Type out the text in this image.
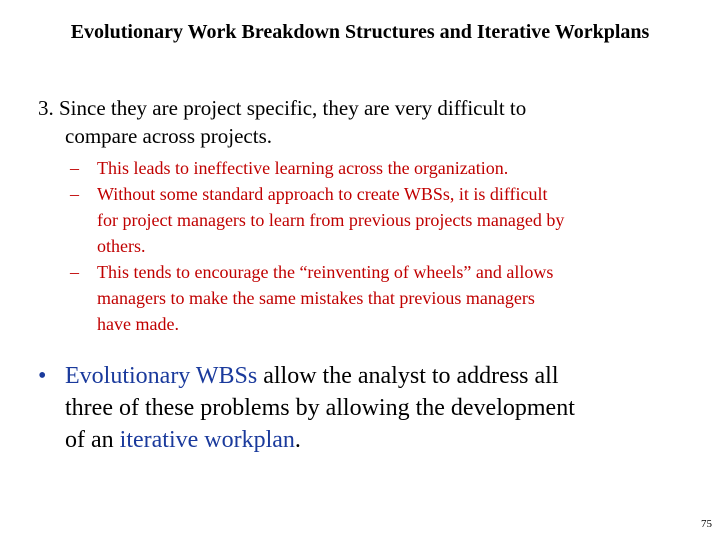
Evolutionary Work Breakdown Structures and Iterative Workplans
3. Since they are project specific, they are very difficult to
compare across projects.
– This leads to ineffective learning across the organization.
– Without some standard approach to create WBSs, it is difficult
for project managers to learn from previous projects managed by
others.
– This tends to encourage the “reinventing of wheels” and allows
managers to make the same mistakes that previous managers
have made.
• Evolutionary WBSs allow the analyst to address all
three of these problems by allowing the development
of an iterative workplan.
75
